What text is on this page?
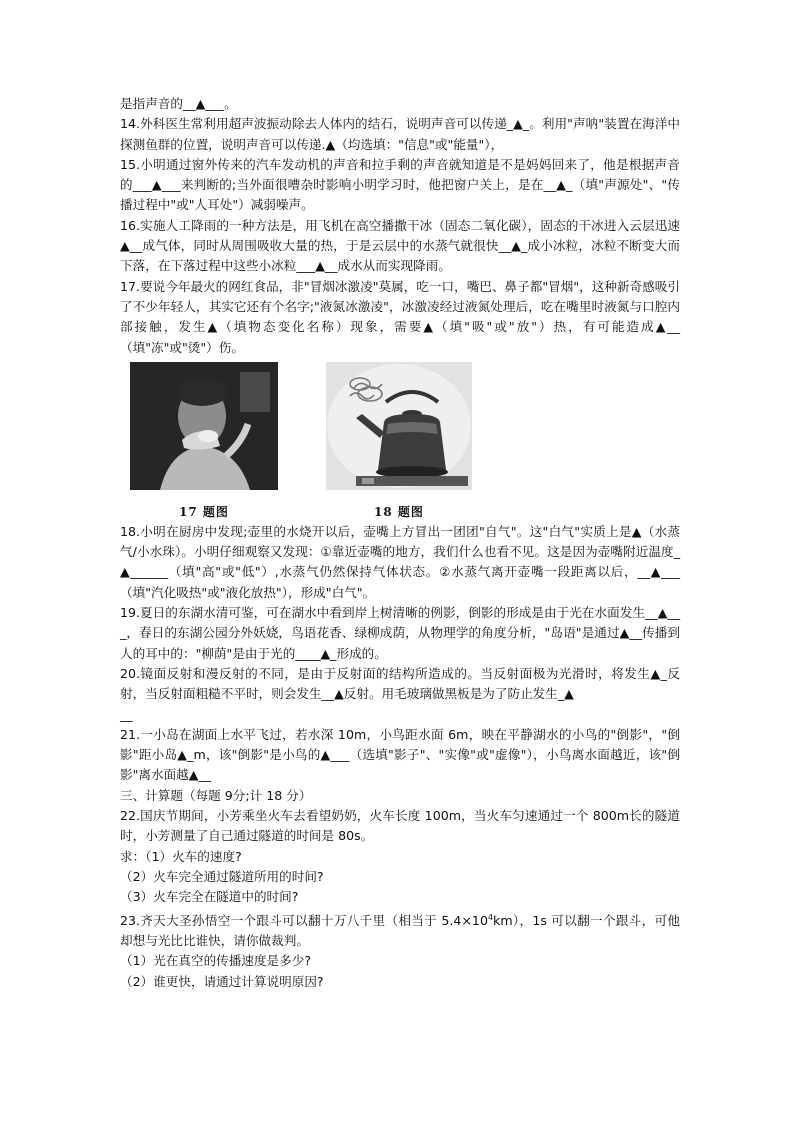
是指声音的__▲___。

14.外科医生常利用超声波振动除去人体内的结石，说明声音可以传递_▲_。利用"声呐"装置在海洋中探测鱼群的位置，说明声音可以传递.▲（均选填："信息"或"能量"），

15.小明通过窗外传来的汽车发动机的声音和拉手剩的声音就知道是不是妈妈回来了，他是根据声音的___▲___来判断的;当外面很嘈杂时影响小明学习时，他把窗户关上，是在__▲_（填"声源处"、"传播过程中"或"人耳处"）减弱噪声。

16.实施人工降雨的一种方法是，用飞机在高空播撒干冰（固态二氧化碳），固态的干冰进入云层迅速▲__成气体，同时从周围吸收大量的热，于是云层中的水蒸气就很快__▲_成小冰粒，冰粒不断变大而下落，在下落过程中这些小冰粒___▲__成水从而实现降雨。

17.要说今年最火的网红食品，非"冒烟冰激凌"莫属，吃一口，嘴巴、鼻子都"冒烟"，这种新奇感吸引了不少年轻人，其实它还有个名字;"液氮冰激凌"，冰激凌经过液氮处理后，吃在嘴里时液氮与口腔内部接触，发生▲（填物态变化名称）现象，需要▲（填"吸"或"放"）热，有可能造成▲__（填"冻"或"烫"）伤。

17 题图	18 题图

18.小明在厨房中发现;壶里的水烧开以后，壶嘴上方冒出一团团"自气"。这"白气"实质上是▲（水蒸气/小水珠）。小明仔细观察又发现：①靠近壶嘴的地方，我们什么也看不见。这是因为壶嘴附近温度_▲______（填"高"或"低"）,水蒸气仍然保持气体状态。②水蒸气离开壶嘴一段距离以后，__▲___（填"汽化吸热"或"液化放热"），形成"白气"。

19.夏日的东湖水清可鉴，可在湖水中看到岸上树清晰的例影，倒影的形成是由于光在水面发生__▲___，春日的东湖公园分外妖娆，鸟语花香、绿柳成荫，从物理学的角度分析，"岛语"是通过▲__传播到人的耳中的："柳荫"是由于光的____▲_形成的。

20.镜面反射和漫反射的不同，是由于反射面的结构所造成的。当反射面极为光滑时，将发生▲_反射，当反射面粗糙不平时，则会发生__▲反射。用毛玻璃做黑板是为了防止发生_▲
__

21.一小岛在湖面上水平飞过，若水深 10m，小鸟距水面 6m，映在平静湖水的小鸟的"倒影"，"倒影"距小岛▲_m，该"倒影"是小鸟的▲___（选填"影子"、"实像"或"虚像"），小鸟离水面越近，该"倒影"离水面越▲__

三、计算题（每题 9分;计 18 分）

22.国庆节期间，小芳乘坐火车去看望奶奶，火车长度 100m，当火车匀速通过一个 800m长的隧道时，小芳测量了自己通过隧道的时间是 80s。

求：（1）火车的速度?

（2）火车完全通过隧道所用的时间?

（3）火车完全在隧道中的时间?

23.齐天大圣孙悟空一个跟斗可以翻十万八千里（相当于 $5.4\times 10^4km$），1s 可以翻一个跟斗，可他却想与光比比谁快，请你做裁判。

（1）光在真空的传播速度是多少?

（2）谁更快，请通过计算说明原因?
